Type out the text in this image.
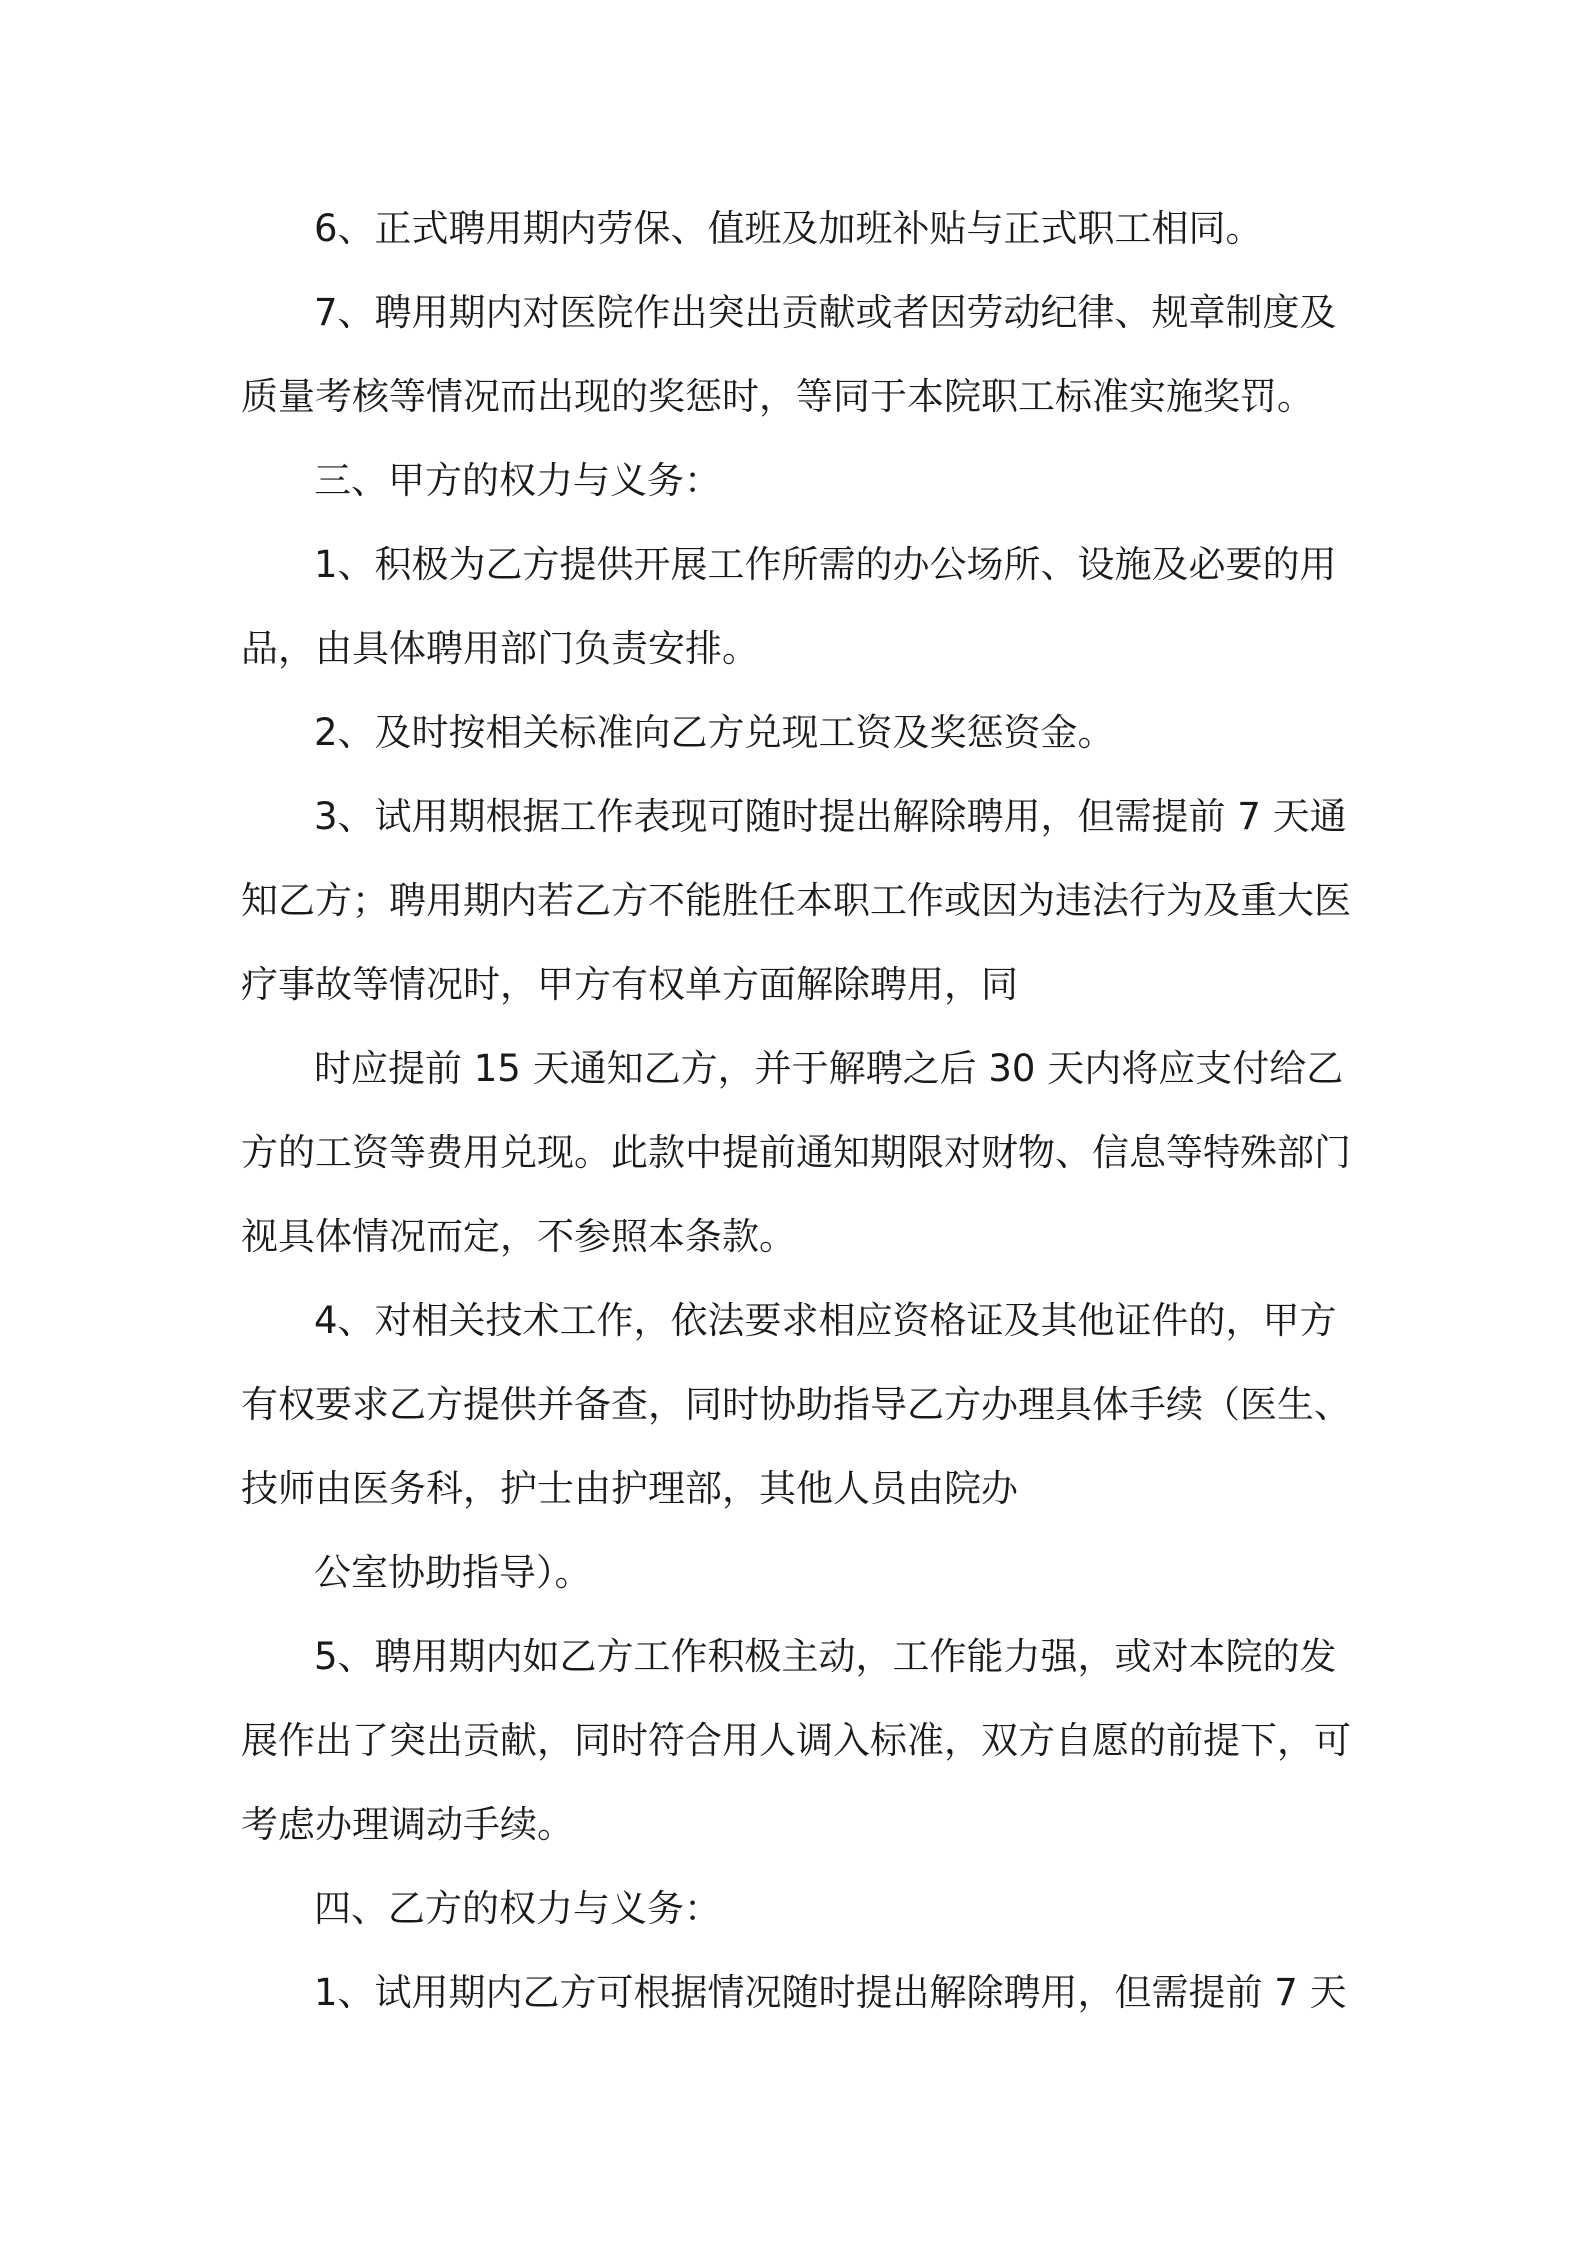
6、正式聘用期内劳保、值班及加班补贴与正式职工相同。
7、聘用期内对医院作出突出贡献或者因劳动纪律、规章制度及
质量考核等情况而出现的奖惩时，等同于本院职工标准实施奖罚。
三、甲方的权力与义务：
1、积极为乙方提供开展工作所需的办公场所、设施及必要的用
品，由具体聘用部门负责安排。
2、及时按相关标准向乙方兑现工资及奖惩资金。
3、试用期根据工作表现可随时提出解除聘用，但需提前 7 天通
知乙方；聘用期内若乙方不能胜任本职工作或因为违法行为及重大医
疗事故等情况时，甲方有权单方面解除聘用，同
时应提前 15 天通知乙方，并于解聘之后 30 天内将应支付给乙
方的工资等费用兑现。此款中提前通知期限对财物、信息等特殊部门
视具体情况而定，不参照本条款。
4、对相关技术工作，依法要求相应资格证及其他证件的，甲方
有权要求乙方提供并备查，同时协助指导乙方办理具体手续（医生、
技师由医务科，护士由护理部，其他人员由院办
公室协助指导）。
5、聘用期内如乙方工作积极主动，工作能力强，或对本院的发
展作出了突出贡献，同时符合用人调入标准，双方自愿的前提下，可
考虑办理调动手续。
四、乙方的权力与义务：
1、试用期内乙方可根据情况随时提出解除聘用，但需提前 7 天
